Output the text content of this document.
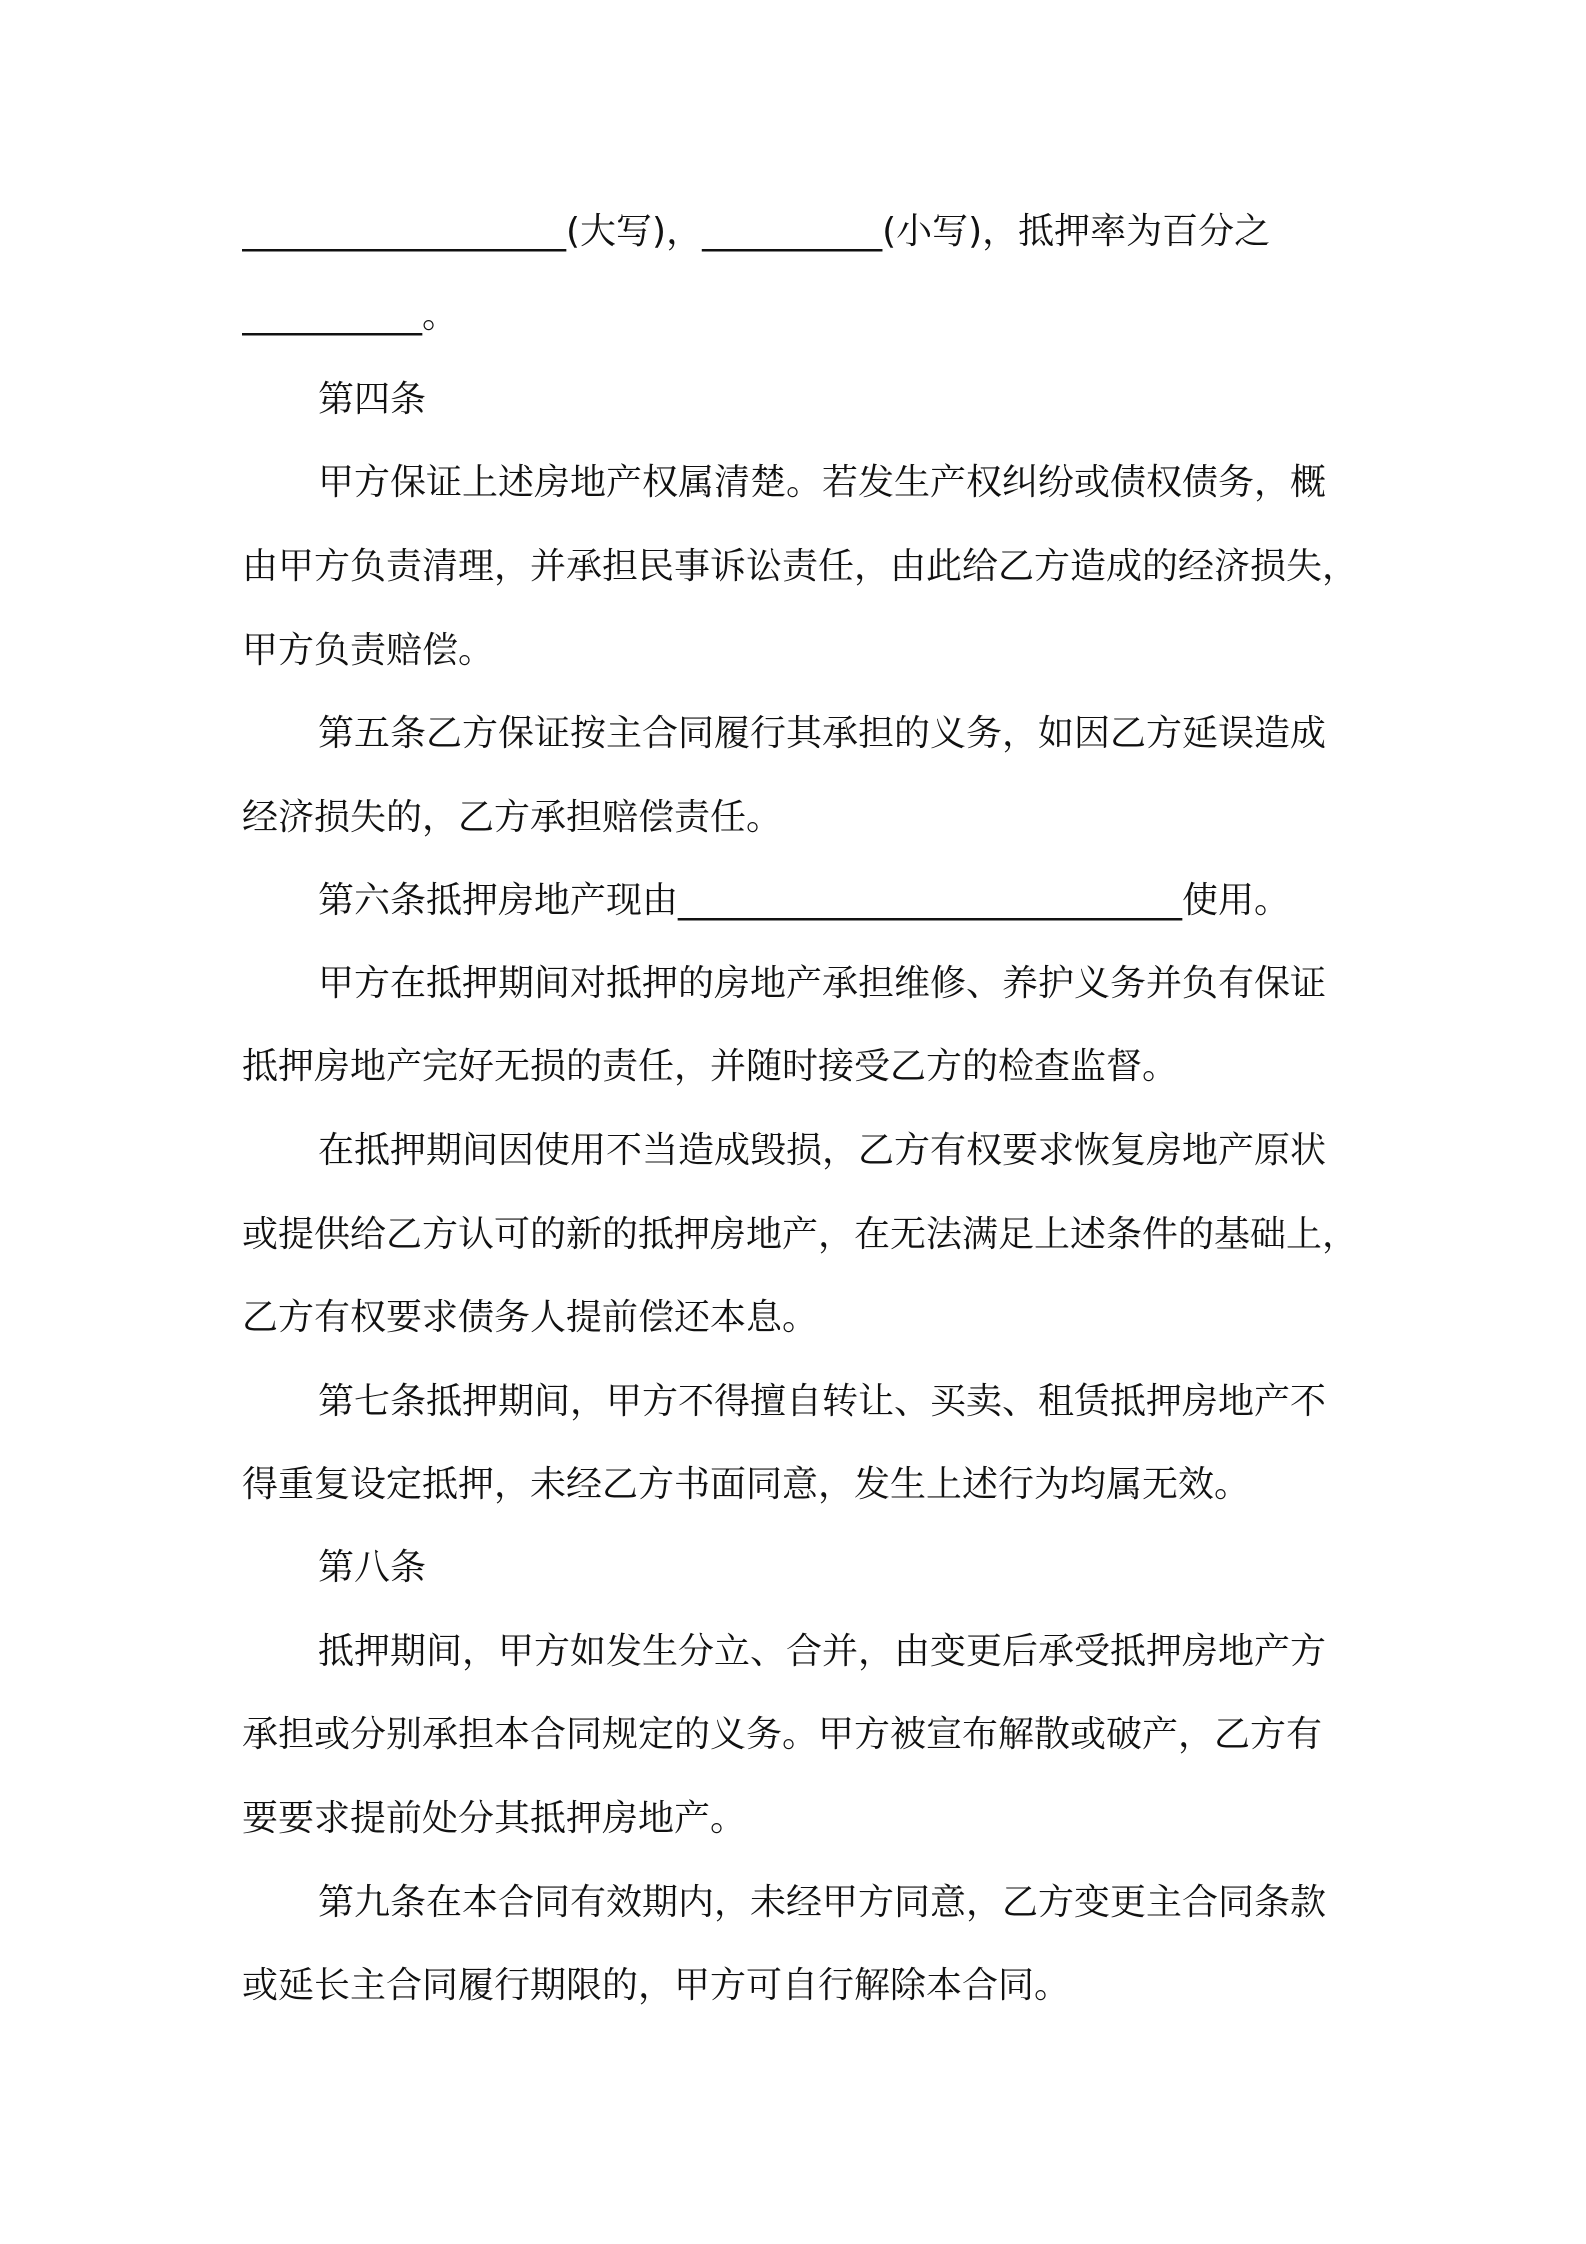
__________________(大写)，__________(小写)，抵押率为百分之
__________。
第四条
甲方保证上述房地产权属清楚。若发生产权纠纷或债权债务，概
由甲方负责清理，并承担民事诉讼责任，由此给乙方造成的经济损失，
甲方负责赔偿。
第五条乙方保证按主合同履行其承担的义务，如因乙方延误造成
经济损失的，乙方承担赔偿责任。
第六条抵押房地产现由____________________________使用。
甲方在抵押期间对抵押的房地产承担维修、养护义务并负有保证
抵押房地产完好无损的责任，并随时接受乙方的检查监督。
在抵押期间因使用不当造成毁损，乙方有权要求恢复房地产原状
或提供给乙方认可的新的抵押房地产，在无法满足上述条件的基础上，
乙方有权要求债务人提前偿还本息。
第七条抵押期间，甲方不得擅自转让、买卖、租赁抵押房地产不
得重复设定抵押，未经乙方书面同意，发生上述行为均属无效。
第八条
抵押期间，甲方如发生分立、合并，由变更后承受抵押房地产方
承担或分别承担本合同规定的义务。甲方被宣布解散或破产，乙方有
要要求提前处分其抵押房地产。
第九条在本合同有效期内，未经甲方同意，乙方变更主合同条款
或延长主合同履行期限的，甲方可自行解除本合同。
